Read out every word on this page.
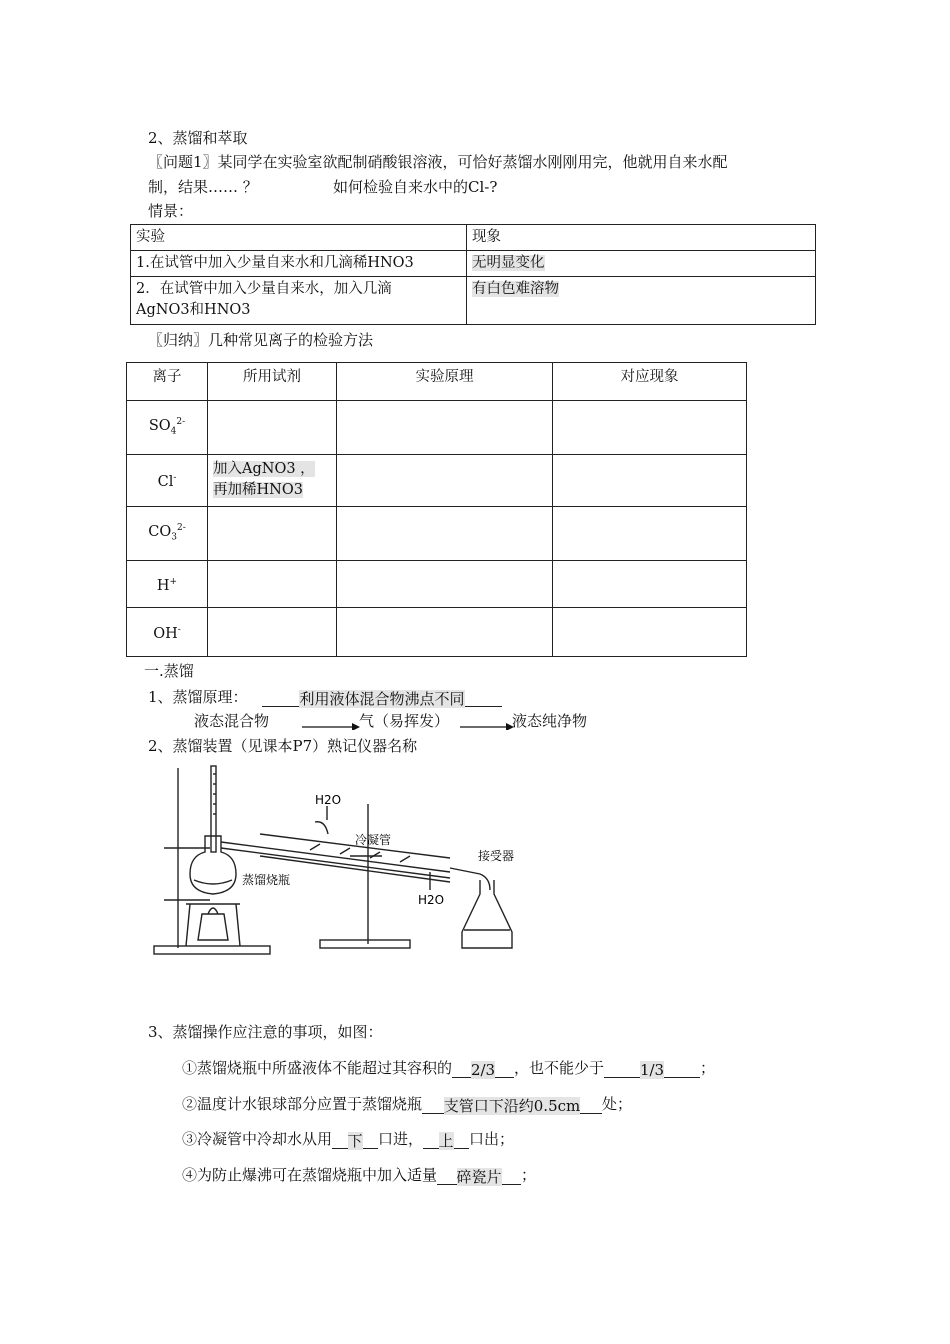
2、蒸馏和萃取
〖问题1〗某同学在实验室欲配制硝酸银溶液，可恰好蒸馏水刚刚用完，他就用自来水配
制，结果…… ？	如何检验自来水中的Cl-?
情景：
实验	现象
1.在试管中加入少量自来水和几滴稀HNO3	无明显变化

2．在试管中加入少量自来水，加入几滴
AgNO3和HNO3	有白色难溶物
〖归纳〗几种常见离子的检验方法
离子	所用试剂	实验原理	对应现象
$SO_4^{2-}$			
Cl-	加入AgNO3 ，
再加稀HNO3		

$CO_3^{2-}$			
H+			
OH-			
一.蒸馏
1、蒸馏原理：	利用液体混合物沸点不同
液态混合物	气（易挥发）	液态纯净物
2、蒸馏装置（见课本P7）熟记仪器名称
H2O
H2O
冷凝管
接受器
蒸馏烧瓶
3、蒸馏操作应注意的事项，如图：
①蒸馏烧瓶中所盛液体不能超过其容积的 2/3 ，也不能少于 1/3 ；
②温度计水银球部分应置于蒸馏烧瓶 支管口下沿约0.5cm 处；
③冷凝管中冷却水从用 下 口进， 上 口出；
④为防止爆沸可在蒸馏烧瓶中加入适量 碎瓷片 ；
